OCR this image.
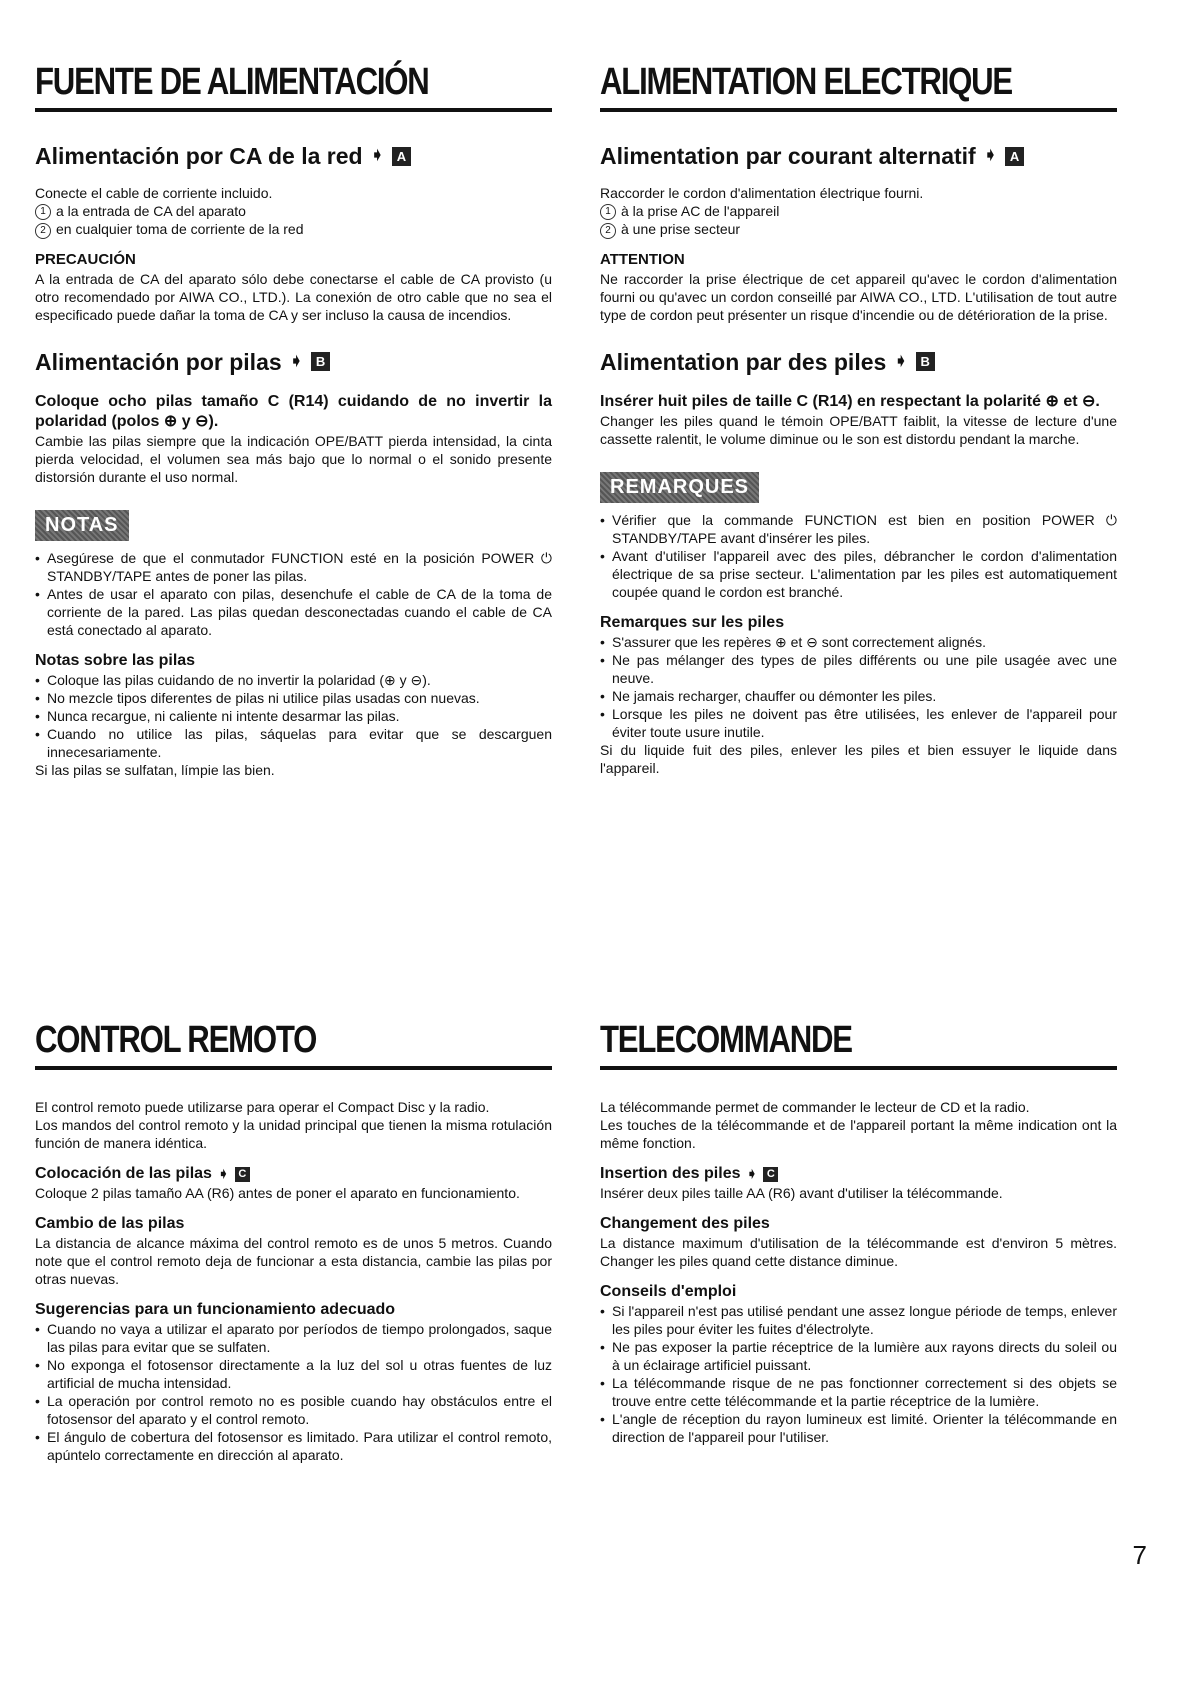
FUENTE DE ALIMENTACIÓN
Alimentación por CA de la red ➧ A

Conecte el cable de corriente incluido.

1 a la entrada de CA del aparato

2 en cualquier toma de corriente de la red

PRECAUCIÓN

A la entrada de CA del aparato sólo debe conectarse el cable de CA provisto (u otro recomendado por AIWA CO., LTD.). La conexión de otro cable que no sea el especificado puede dañar la toma de CA y ser incluso la causa de incendios.

Alimentación por pilas ➧ B

Coloque ocho pilas tamaño C (R14) cuidando de no invertir la polaridad (polos ⊕ y ⊖).

Cambie las pilas siempre que la indicación OPE/BATT pierda intensidad, la cinta pierda velocidad, el volumen sea más bajo que lo normal o el sonido presente distorsión durante el uso normal.

NOTAS
• Asegúrese de que el conmutador FUNCTION esté en la posición POWER ⏻ STANDBY/TAPE antes de poner las pilas.
• Antes de usar el aparato con pilas, desenchufe el cable de CA de la toma de corriente de la pared. Las pilas quedan desconectadas cuando el cable de CA está conectado al aparato.

Notas sobre las pilas

• Coloque las pilas cuidando de no invertir la polaridad (⊕ y ⊖).
• No mezcle tipos diferentes de pilas ni utilice pilas usadas con nuevas.
• Nunca recargue, ni caliente ni intente desarmar las pilas.
• Cuando no utilice las pilas, sáquelas para evitar que se descarguen innecesariamente.

Si las pilas se sulfatan, límpie las bien.

CONTROL REMOTO

El control remoto puede utilizarse para operar el Compact Disc y la radio.

Los mandos del control remoto y la unidad principal que tienen la misma rotulación función de manera idéntica.

Colocación de las pilas ➧ C

Coloque 2 pilas tamaño AA (R6) antes de poner el aparato en funcionamiento.

Cambio de las pilas

La distancia de alcance máxima del control remoto es de unos 5 metros. Cuando note que el control remoto deja de funcionar a esta distancia, cambie las pilas por otras nuevas.

Sugerencias para un funcionamiento adecuado

• Cuando no vaya a utilizar el aparato por períodos de tiempo prolongados, saque las pilas para evitar que se sulfaten.
• No exponga el fotosensor directamente a la luz del sol u otras fuentes de luz artificial de mucha intensidad.
• La operación por control remoto no es posible cuando hay obstáculos entre el fotosensor del aparato y el control remoto.
• El ángulo de cobertura del fotosensor es limitado. Para utilizar el control remoto, apúntelo correctamente en dirección al aparato.
ALIMENTATION ELECTRIQUE
Alimentation par courant alternatif ➧ A

Raccorder le cordon d'alimentation électrique fourni.

1 à la prise AC de l'appareil

2 à une prise secteur

ATTENTION

Ne raccorder la prise électrique de cet appareil qu'avec le cordon d'alimentation fourni ou qu'avec un cordon conseillé par AIWA CO., LTD. L'utilisation de tout autre type de cordon peut présenter un risque d'incendie ou de détérioration de la prise.

Alimentation par des piles ➧ B

Insérer huit piles de taille C (R14) en respectant la polarité ⊕ et ⊖.

Changer les piles quand le témoin OPE/BATT faiblit, la vitesse de lecture d'une cassette ralentit, le volume diminue ou le son est distordu pendant la marche.

REMARQUES
• Vérifier que la commande FUNCTION est bien en position POWER ⏻ STANDBY/TAPE avant d'insérer les piles.
• Avant d'utiliser l'appareil avec des piles, débrancher le cordon d'alimentation électrique de sa prise secteur. L'alimentation par les piles est automatiquement coupée quand le cordon est branché.

Remarques sur les piles

• S'assurer que les repères ⊕ et ⊖ sont correctement alignés.
• Ne pas mélanger des types de piles différents ou une pile usagée avec une neuve.
• Ne jamais recharger, chauffer ou démonter les piles.
• Lorsque les piles ne doivent pas être utilisées, les enlever de l'appareil pour éviter toute usure inutile.

Si du liquide fuit des piles, enlever les piles et bien essuyer le liquide dans l'appareil.

TELECOMMANDE

La télécommande permet de commander le lecteur de CD et la radio.

Les touches de la télécommande et de l'appareil portant la même indication ont la même fonction.

Insertion des piles ➧ C

Insérer deux piles taille AA (R6) avant d'utiliser la télécommande.

Changement des piles

La distance maximum d'utilisation de la télécommande est d'environ 5 mètres. Changer les piles quand cette distance diminue.

Conseils d'emploi

• Si l'appareil n'est pas utilisé pendant une assez longue période de temps, enlever les piles pour éviter les fuites d'électrolyte.
• Ne pas exposer la partie réceptrice de la lumière aux rayons directs du soleil ou à un éclairage artificiel puissant.
• La télécommande risque de ne pas fonctionner correctement si des objets se trouve entre cette télécommande et la partie réceptrice de la lumière.
• L'angle de réception du rayon lumineux est limité. Orienter la télécommande en direction de l'appareil pour l'utiliser.
7
